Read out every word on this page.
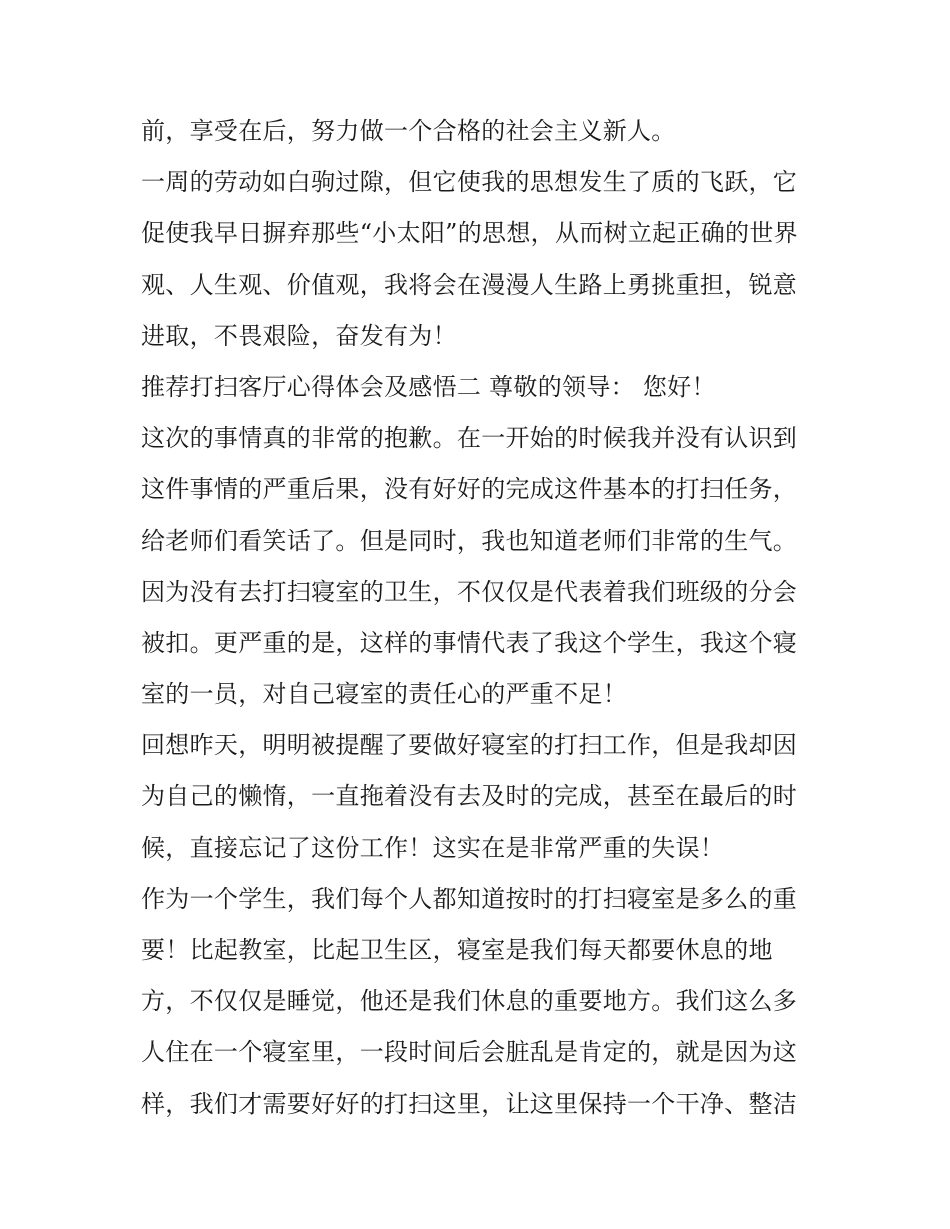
前，享受在后，努力做一个合格的社会主义新人。
一周的劳动如白驹过隙，但它使我的思想发生了质的飞跃，它
促使我早日摒弃那些“小太阳”的思想，从而树立起正确的世界
观、人生观、价值观，我将会在漫漫人生路上勇挑重担，锐意
进取，不畏艰险，奋发有为！
推荐打扫客厅心得体会及感悟二 尊敬的领导： 您好！
这次的事情真的非常的抱歉。在一开始的时候我并没有认识到
这件事情的严重后果，没有好好的完成这件基本的打扫任务，
给老师们看笑话了。但是同时，我也知道老师们非常的生气。
因为没有去打扫寝室的卫生，不仅仅是代表着我们班级的分会
被扣。更严重的是，这样的事情代表了我这个学生，我这个寝
室的一员，对自己寝室的责任心的严重不足！
回想昨天，明明被提醒了要做好寝室的打扫工作，但是我却因
为自己的懒惰，一直拖着没有去及时的完成，甚至在最后的时
候，直接忘记了这份工作！这实在是非常严重的失误！
作为一个学生，我们每个人都知道按时的打扫寝室是多么的重
要！比起教室，比起卫生区，寝室是我们每天都要休息的地
方，不仅仅是睡觉，他还是我们休息的重要地方。我们这么多
人住在一个寝室里，一段时间后会脏乱是肯定的，就是因为这
样，我们才需要好好的打扫这里，让这里保持一个干净、整洁
